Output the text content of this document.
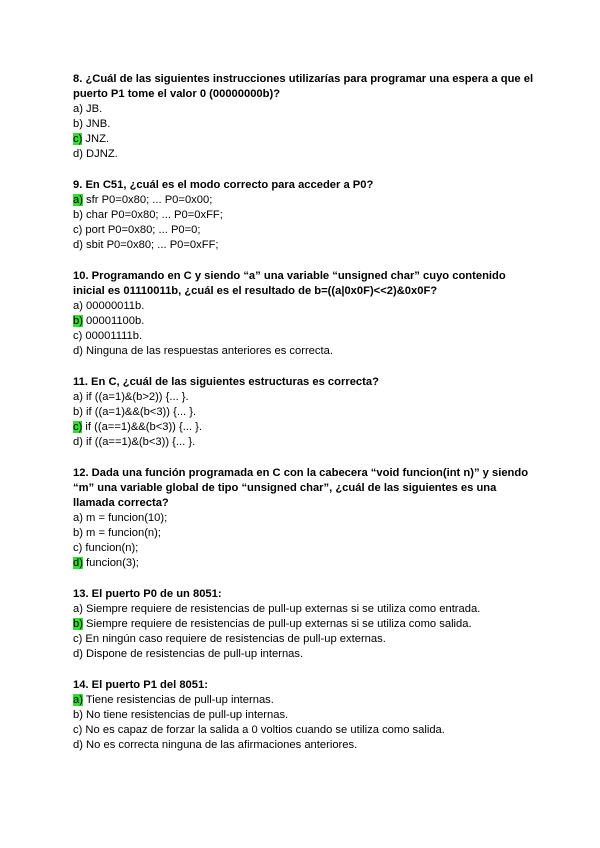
8. ¿Cuál de las siguientes instrucciones utilizarías para programar una espera a que el puerto P1 tome el valor 0 (00000000b)?

a) JB.

b) JNB.

c) JNZ.

d) DJNZ.

9. En C51, ¿cuál es el modo correcto para acceder a P0?

a) sfr P0=0x80; ... P0=0x00;

b) char P0=0x80; ... P0=0xFF;

c) port P0=0x80; ... P0=0;

d) sbit P0=0x80; ... P0=0xFF;

10. Programando en C y siendo “a” una variable “unsigned char” cuyo contenido inicial es 01110011b, ¿cuál es el resultado de b=((a|0x0F)<<2)&0x0F?

a) 00000011b.

b) 00001100b.

c) 00001111b.

d) Ninguna de las respuestas anteriores es correcta.

11. En C, ¿cuál de las siguientes estructuras es correcta?

a) if ((a=1)&(b>2)) {... }.

b) if ((a=1)&&(b<3)) {... }.

c) if ((a==1)&&(b<3)) {... }.

d) if ((a==1)&(b<3)) {... }.

12. Dada una función programada en C con la cabecera “void funcion(int n)” y siendo “m” una variable global de tipo “unsigned char”, ¿cuál de las siguientes es una llamada correcta?

a) m = funcion(10);

b) m = funcion(n);

c) funcion(n);

d) funcion(3);

13. El puerto P0 de un 8051:

a) Siempre requiere de resistencias de pull-up externas si se utiliza como entrada.

b) Siempre requiere de resistencias de pull-up externas si se utiliza como salida.

c) En ningún caso requiere de resistencias de pull-up externas.

d) Dispone de resistencias de pull-up internas.

14. El puerto P1 del 8051:

a) Tiene resistencias de pull-up internas.

b) No tiene resistencias de pull-up internas.

c) No es capaz de forzar la salida a 0 voltios cuando se utiliza como salida.

d) No es correcta ninguna de las afirmaciones anteriores.
